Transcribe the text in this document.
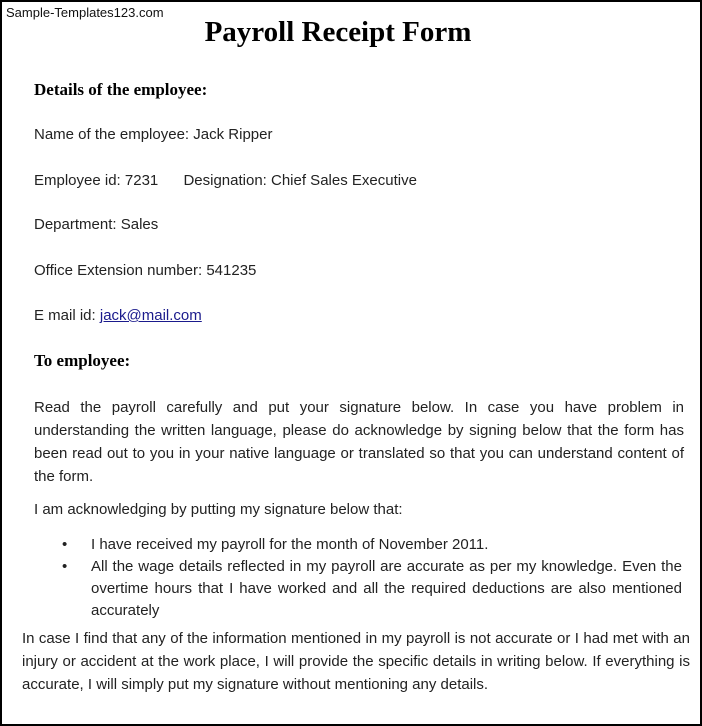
Sample-Templates123.com
Payroll Receipt Form
Details of the employee:
Name of the employee: Jack Ripper
Employee id: 7231 Designation: Chief Sales Executive
Department: Sales
Office Extension number: 541235
E mail id: jack@mail.com
To employee:
Read the payroll carefully and put your signature below. In case you have problem in understanding the written language, please do acknowledge by signing below that the form has been read out to you in your native language or translated so that you can understand content of the form.
I am acknowledging by putting my signature below that:
• I have received my payroll for the month of November 2011.
• All the wage details reflected in my payroll are accurate as per my knowledge. Even the overtime hours that I have worked and all the required deductions are also mentioned accurately
In case I find that any of the information mentioned in my payroll is not accurate or I had met with an injury or accident at the work place, I will provide the specific details in writing below. If everything is accurate, I will simply put my signature without mentioning any details.
